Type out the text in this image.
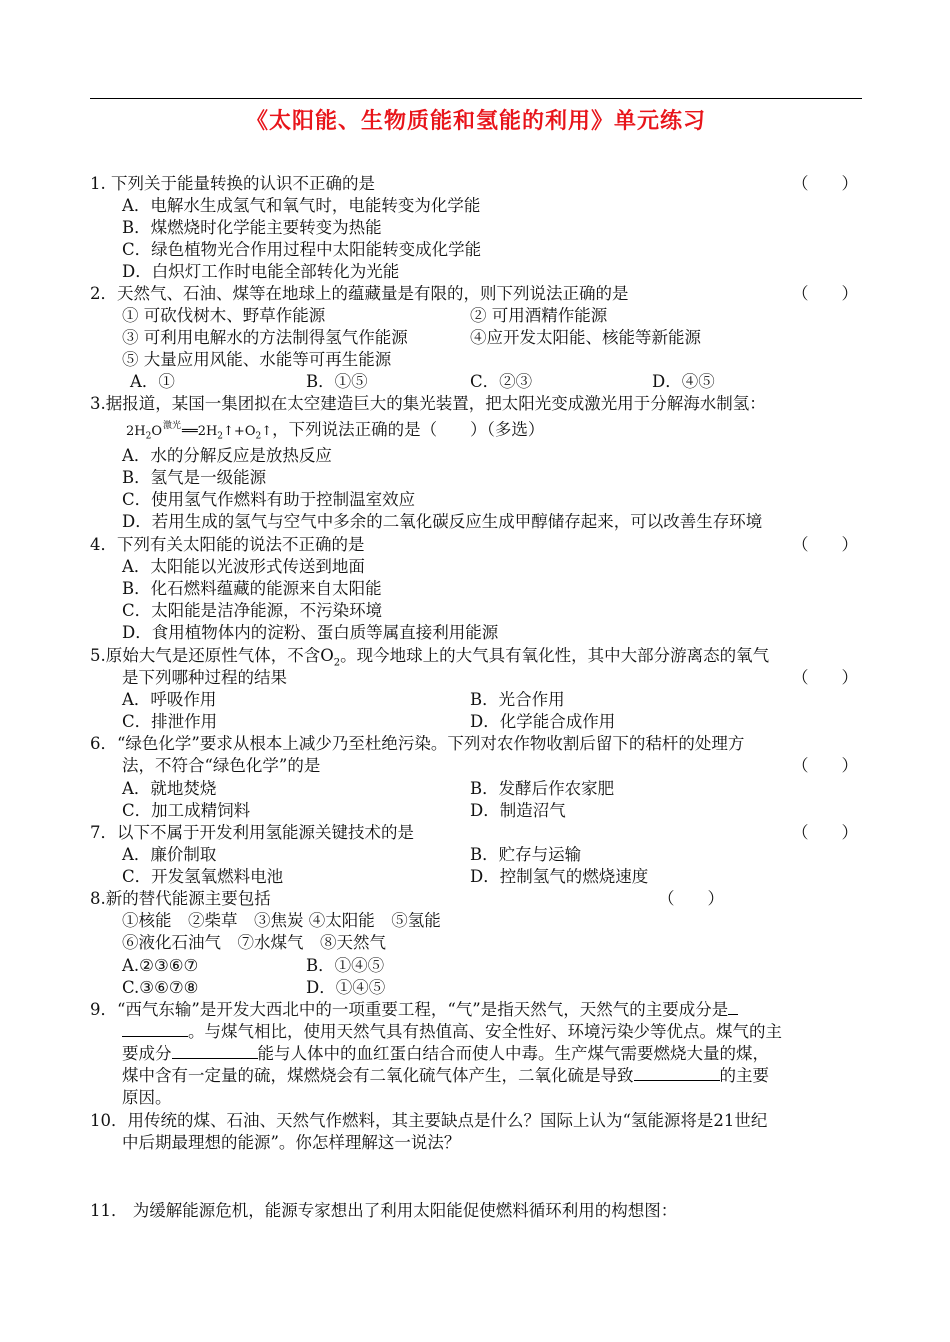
《太阳能、生物质能和氢能的利用》单元练习
1. 下列关于能量转换的认识不正确的是	（　　）
A．电解水生成氢气和氧气时，电能转变为化学能
B．煤燃烧时化学能主要转变为热能
C．绿色植物光合作用过程中太阳能转变成化学能
D．白炽灯工作时电能全部转化为光能
2．天然气、石油、煤等在地球上的蕴藏量是有限的，则下列说法正确的是	（　　）
① 可砍伐树木、野草作能源	② 可用酒精作能源
③ 可利用电解水的方法制得氢气作能源	④应开发太阳能、核能等新能源
⑤ 大量应用风能、水能等可再生能源
A．①	B．①⑤	C．②③	D．④⑤
3.据报道，某国一集团拟在太空建造巨大的集光装置，把太阳光变成激光用于分解海水制氢：
$2H_2O^{激光}══2H_2↑+O_2↑$，下列说法正确的是（　　）（多选）
A．水的分解反应是放热反应
B．氢气是一级能源
C．使用氢气作燃料有助于控制温室效应
D．若用生成的氢气与空气中多余的二氧化碳反应生成甲醇储存起来，可以改善生存环境
4．下列有关太阳能的说法不正确的是	（　　）
A．太阳能以光波形式传送到地面
B．化石燃料蕴藏的能源来自太阳能
C．太阳能是洁净能源，不污染环境
D．食用植物体内的淀粉、蛋白质等属直接利用能源
5.原始大气是还原性气体，不含$O_2$。现今地球上的大气具有氧化性，其中大部分游离态的氧气
是下列哪种过程的结果	（　　）
A．呼吸作用	B．光合作用
C．排泄作用	D．化学能合成作用
6．“绿色化学”要求从根本上减少乃至杜绝污染。下列对农作物收割后留下的秸杆的处理方
法，不符合“绿色化学”的是	（　　）
A．就地焚烧	B．发酵后作农家肥
C．加工成精饲料	D．制造沼气
7．以下不属于开发利用氢能源关键技术的是	（　　）
A．廉价制取	B．贮存与运输
C．开发氢氧燃料电池	D．控制氢气的燃烧速度
8.新的替代能源主要包括	（　　）
①核能　②柴草　③焦炭 ④太阳能　⑤氢能
⑥液化石油气　⑦水煤气　⑧天然气
A.②③⑥⑦	B．①④⑤
C.③⑥⑦⑧	D．①④⑤
9．“西气东输”是开发大西北中的一项重要工程，“气”是指天然气，天然气的主要成分是
。与煤气相比，使用天然气具有热值高、安全性好、环境污染少等优点。煤气的主
要成分	能与人体中的血红蛋白结合而使人中毒。生产煤气需要燃烧大量的煤，
煤中含有一定量的硫，煤燃烧会有二氧化硫气体产生，二氧化硫是导致	的主要
原因。
10．用传统的煤、石油、天然气作燃料，其主要缺点是什么？国际上认为“氢能源将是21世纪
中后期最理想的能源”。你怎样理解这一说法？
11． 为缓解能源危机，能源专家想出了利用太阳能促使燃料循环利用的构想图：
